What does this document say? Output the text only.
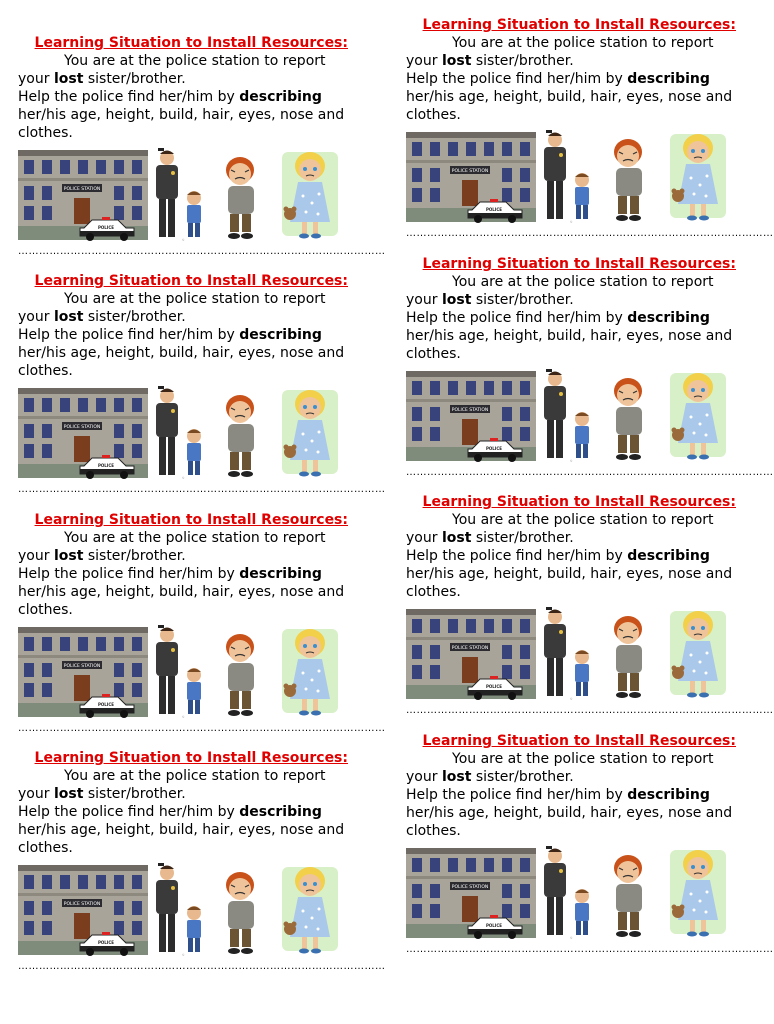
Learning Situation to Install Resources:

You are at the police station to report
your lost sister/brother.
Help the police find her/him by describing
her/his age, height, build, hair, eyes, nose and
clothes.

POLICE STATION
POLICE
©
……………………………………………………………………………………………
Learning Situation to Install Resources:

You are at the police station to report
your lost sister/brother.
Help the police find her/him by describing
her/his age, height, build, hair, eyes, nose and
clothes.

POLICE STATION
POLICE
©
……………………………………………………………………………………………
Learning Situation to Install Resources:

You are at the police station to report
your lost sister/brother.
Help the police find her/him by describing
her/his age, height, build, hair, eyes, nose and
clothes.

POLICE STATION
POLICE
©
……………………………………………………………………………………………
Learning Situation to Install Resources:

You are at the police station to report
your lost sister/brother.
Help the police find her/him by describing
her/his age, height, build, hair, eyes, nose and
clothes.

POLICE STATION
POLICE
©
……………………………………………………………………………………………
Learning Situation to Install Resources:

You are at the police station to report
your lost sister/brother.
Help the police find her/him by describing
her/his age, height, build, hair, eyes, nose and
clothes.

POLICE STATION
POLICE
©
……………………………………………………………………………………………
Learning Situation to Install Resources:

You are at the police station to report
your lost sister/brother.
Help the police find her/him by describing
her/his age, height, build, hair, eyes, nose and
clothes.

POLICE STATION
POLICE
©
……………………………………………………………………………………………
Learning Situation to Install Resources:

You are at the police station to report
your lost sister/brother.
Help the police find her/him by describing
her/his age, height, build, hair, eyes, nose and
clothes.

POLICE STATION
POLICE
©
……………………………………………………………………………………………
Learning Situation to Install Resources:

You are at the police station to report
your lost sister/brother.
Help the police find her/him by describing
her/his age, height, build, hair, eyes, nose and
clothes.

POLICE STATION
POLICE
©
……………………………………………………………………………………………
